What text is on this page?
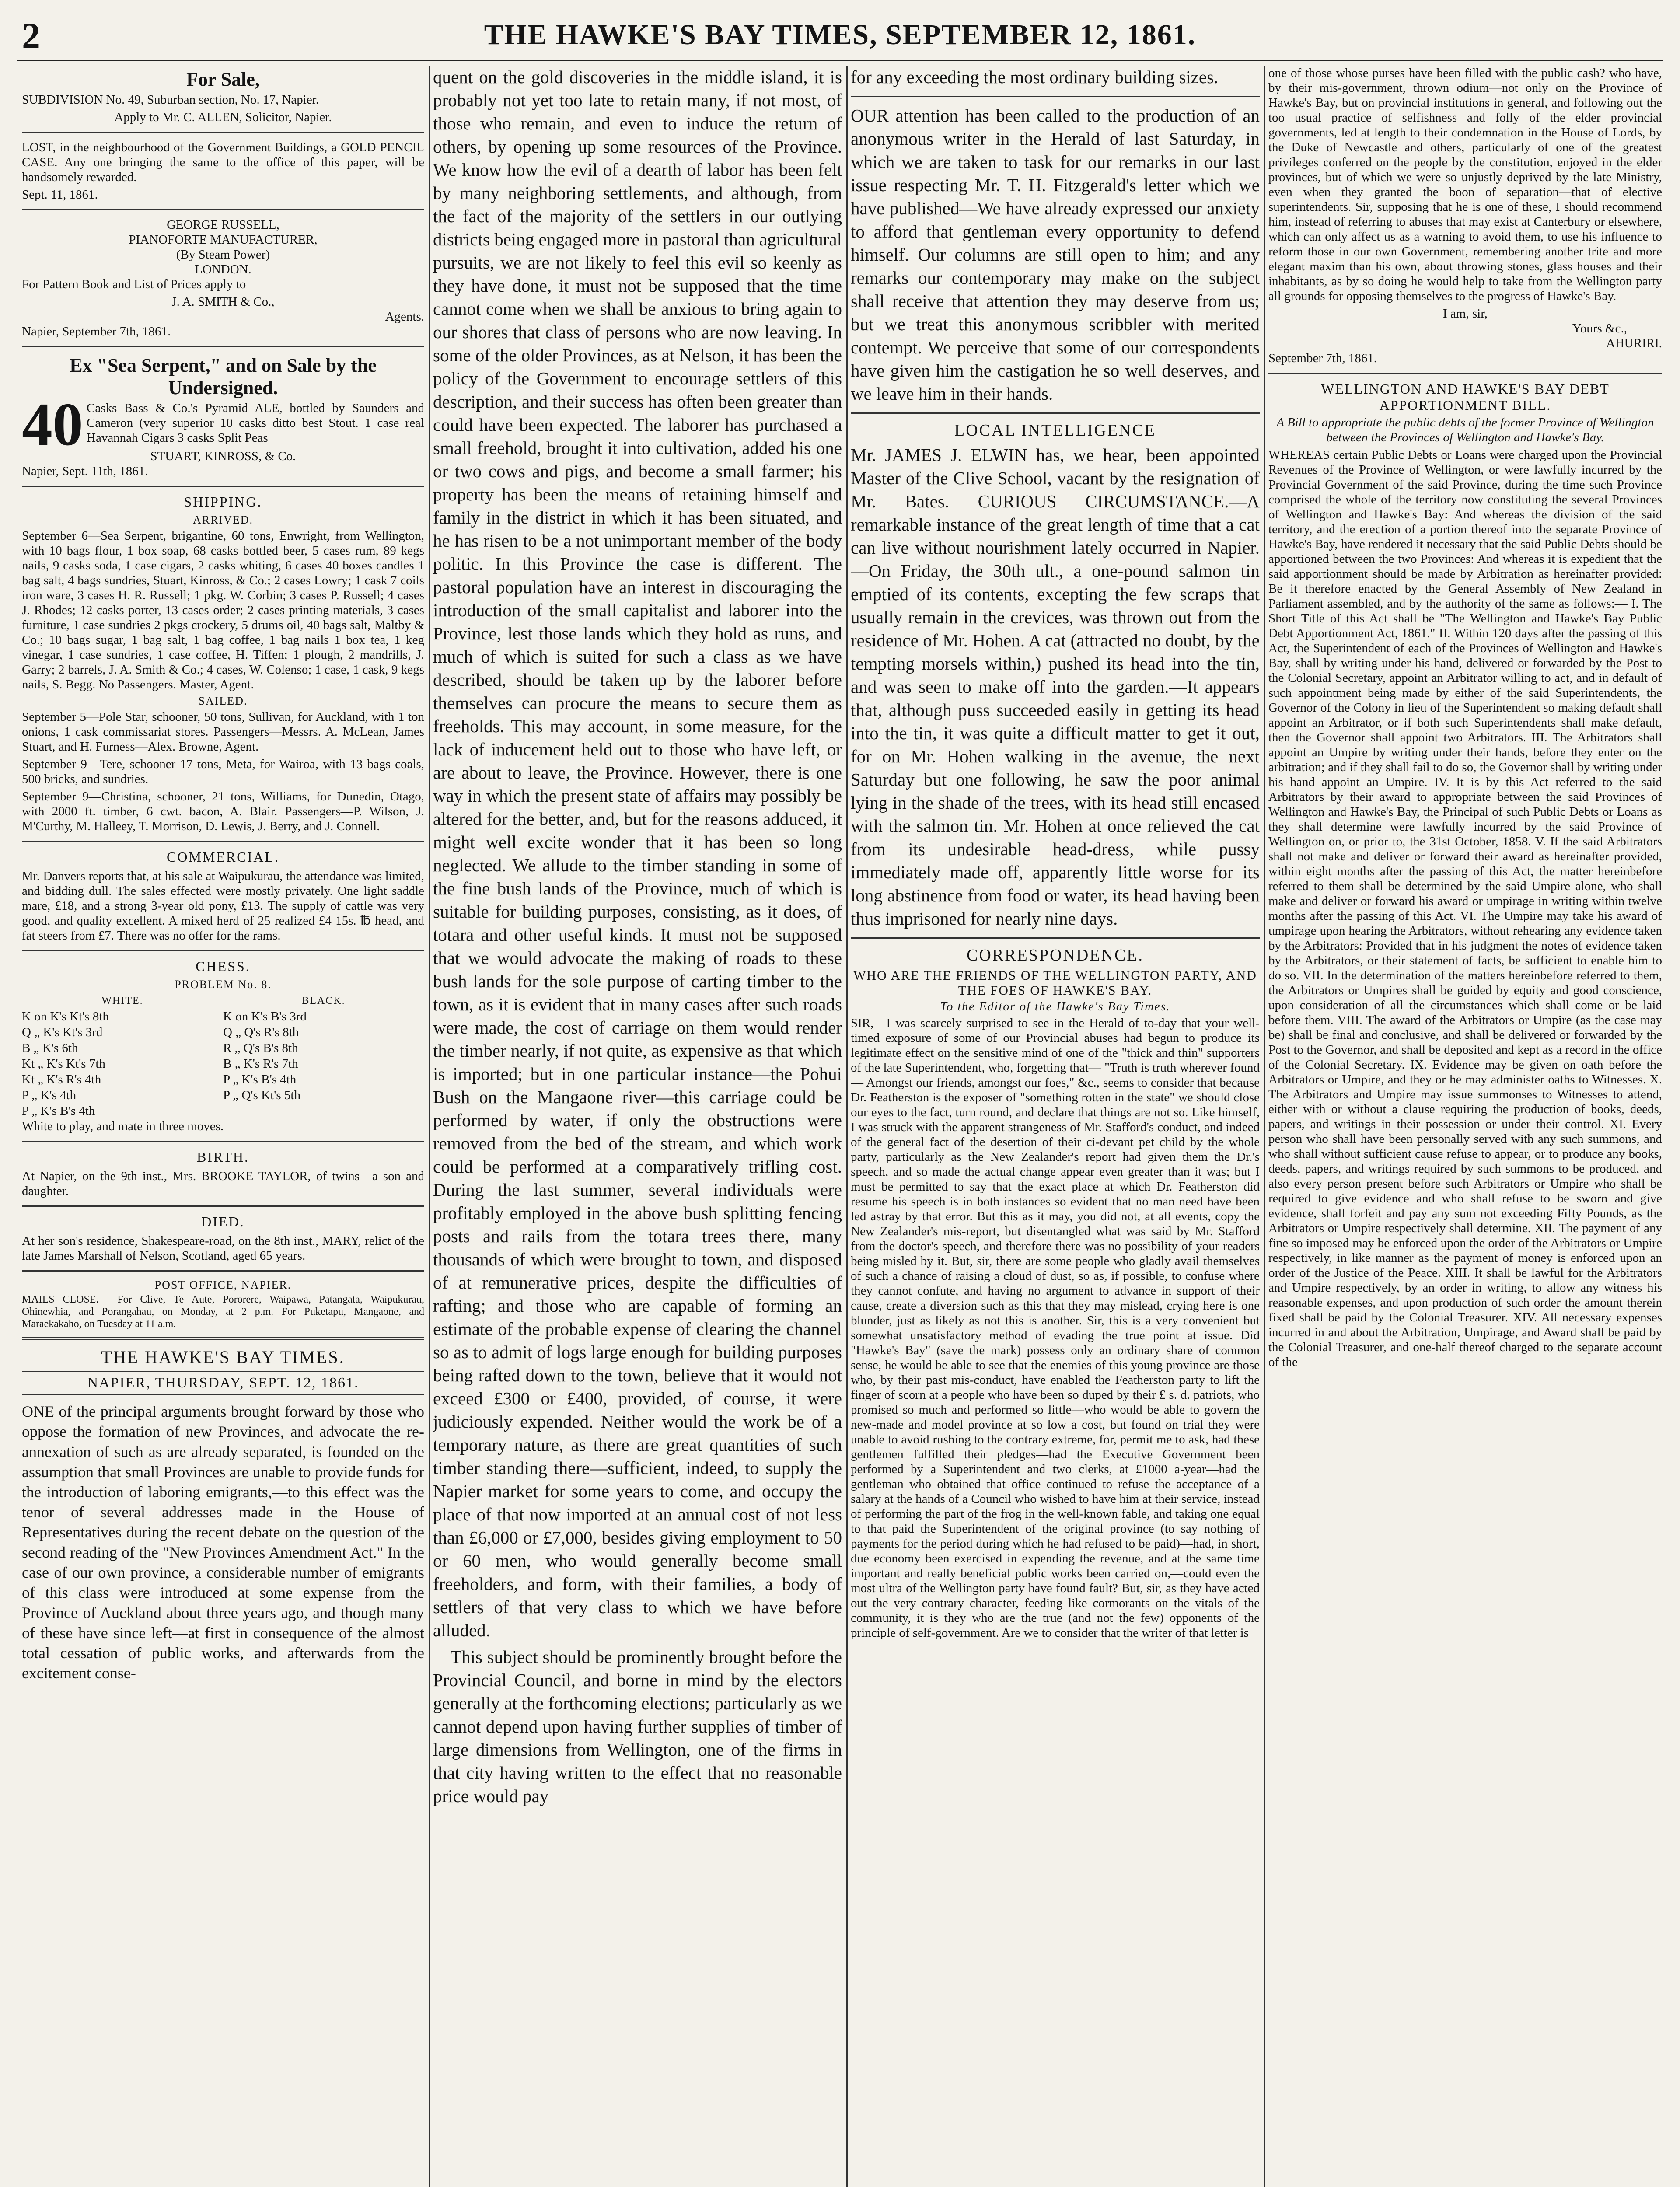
2	THE HAWKE'S BAY TIMES, SEPTEMBER 12, 1861.
For Sale,

SUBDIVISION No. 49, Suburban section, No. 17, Napier.

Apply to Mr. C. ALLEN, Solicitor, Napier.

LOST, in the neighbourhood of the Government Buildings, a GOLD PENCIL CASE. Any one bringing the same to the office of this paper, will be handsomely rewarded.

Sept. 11, 1861.

GEORGE RUSSELL,

PIANOFORTE MANUFACTURER,

(By Steam Power)

LONDON.

For Pattern Book and List of Prices apply to

J. A. SMITH & Co.,

Agents.

Napier, September 7th, 1861.

Ex "Sea Serpent," and on Sale by the Undersigned.
40 Casks Bass & Co.'s Pyramid ALE, bottled by Saunders and Cameron (very superior 10 casks ditto best Stout. 1 case real Havannah Cigars 3 casks Split Peas

STUART, KINROSS, & Co.

Napier, Sept. 11th, 1861.

SHIPPING.
ARRIVED.

September 6—Sea Serpent, brigantine, 60 tons, Enwright, from Wellington, with 10 bags flour, 1 box soap, 68 casks bottled beer, 5 cases rum, 89 kegs nails, 9 casks soda, 1 case cigars, 2 casks whiting, 6 cases 40 boxes candles 1 bag salt, 4 bags sundries, Stuart, Kinross, & Co.; 2 cases Lowry; 1 cask 7 coils iron ware, 3 cases H. R. Russell; 1 pkg. W. Corbin; 3 cases P. Russell; 4 cases J. Rhodes; 12 casks porter, 13 cases order; 2 cases printing materials, 3 cases furniture, 1 case sundries 2 pkgs crockery, 5 drums oil, 40 bags salt, Maltby & Co.; 10 bags sugar, 1 bag salt, 1 bag coffee, 1 bag nails 1 box tea, 1 keg vinegar, 1 case sundries, 1 case coffee, H. Tiffen; 1 plough, 2 mandrills, J. Garry; 2 barrels, J. A. Smith & Co.; 4 cases, W. Colenso; 1 case, 1 cask, 9 kegs nails, S. Begg. No Passengers. Master, Agent.

SAILED.

September 5—Pole Star, schooner, 50 tons, Sullivan, for Auckland, with 1 ton onions, 1 cask commissariat stores. Passengers—Messrs. A. McLean, James Stuart, and H. Furness—Alex. Browne, Agent.

September 9—Tere, schooner 17 tons, Meta, for Wairoa, with 13 bags coals, 500 bricks, and sundries.

September 9—Christina, schooner, 21 tons, Williams, for Dunedin, Otago, with 2000 ft. timber, 6 cwt. bacon, A. Blair. Passengers—P. Wilson, J. M'Curthy, M. Halleey, T. Morrison, D. Lewis, J. Berry, and J. Connell.

COMMERCIAL.

Mr. Danvers reports that, at his sale at Waipukurau, the attendance was limited, and bidding dull. The sales effected were mostly privately. One light saddle mare, £18, and a strong 3-year old pony, £13. The supply of cattle was very good, and quality excellent. A mixed herd of 25 realized £4 15s. ℔ head, and fat steers from £7. There was no offer for the rams.

CHESS.
PROBLEM No. 8.
WHITE.	BLACK.
K on K's Kt's 8th	K on K's B's 3rd
Q „ K's Kt's 3rd	Q „ Q's R's 8th
B „ K's 6th	R „ Q's B's 8th
Kt „ K's Kt's 7th	B „ K's R's 7th
Kt „ K's R's 4th	P „ K's B's 4th
P „ K's 4th	P „ Q's Kt's 5th
P „ K's B's 4th

White to play, and mate in three moves.

BIRTH.

At Napier, on the 9th inst., Mrs. BROOKE TAYLOR, of twins—a son and daughter.

DIED.

At her son's residence, Shakespeare-road, on the 8th inst., MARY, relict of the late James Marshall of Nelson, Scotland, aged 65 years.

POST OFFICE, NAPIER.

MAILS CLOSE.— For Clive, Te Aute, Pororere, Waipawa, Patangata, Waipukurau, Ohinewhia, and Porangahau, on Monday, at 2 p.m. For Puketapu, Mangaone, and Maraekakaho, on Tuesday at 11 a.m.

THE HAWKE'S BAY TIMES.
NAPIER, THURSDAY, SEPT. 12, 1861.

ONE of the principal arguments brought forward by those who oppose the formation of new Provinces, and advocate the re-annexation of such as are already separated, is founded on the assumption that small Provinces are unable to provide funds for the introduction of laboring emigrants,—to this effect was the tenor of several addresses made in the House of Representatives during the recent debate on the question of the second reading of the "New Provinces Amendment Act." In the case of our own province, a considerable number of emigrants of this class were introduced at some expense from the Province of Auckland about three years ago, and though many of these have since left—at first in consequence of the almost total cessation of public works, and afterwards from the excitement conse-

quent on the gold discoveries in the middle island, it is probably not yet too late to retain many, if not most, of those who remain, and even to induce the return of others, by opening up some resources of the Province. We know how the evil of a dearth of labor has been felt by many neighboring settlements, and although, from the fact of the majority of the settlers in our outlying districts being engaged more in pastoral than agricultural pursuits, we are not likely to feel this evil so keenly as they have done, it must not be supposed that the time cannot come when we shall be anxious to bring again to our shores that class of persons who are now leaving. In some of the older Provinces, as at Nelson, it has been the policy of the Government to encourage settlers of this description, and their success has often been greater than could have been expected. The laborer has purchased a small freehold, brought it into cultivation, added his one or two cows and pigs, and become a small farmer; his property has been the means of retaining himself and family in the district in which it has been situated, and he has risen to be a not unimportant member of the body politic. In this Province the case is different. The pastoral population have an interest in discouraging the introduction of the small capitalist and laborer into the Province, lest those lands which they hold as runs, and much of which is suited for such a class as we have described, should be taken up by the laborer before themselves can procure the means to secure them as freeholds. This may account, in some measure, for the lack of inducement held out to those who have left, or are about to leave, the Province. However, there is one way in which the present state of affairs may possibly be altered for the better, and, but for the reasons adduced, it might well excite wonder that it has been so long neglected. We allude to the timber standing in some of the fine bush lands of the Province, much of which is suitable for building purposes, consisting, as it does, of totara and other useful kinds. It must not be supposed that we would advocate the making of roads to these bush lands for the sole purpose of carting timber to the town, as it is evident that in many cases after such roads were made, the cost of carriage on them would render the timber nearly, if not quite, as expensive as that which is imported; but in one particular instance—the Pohui Bush on the Mangaone river—this carriage could be performed by water, if only the obstructions were removed from the bed of the stream, and which work could be performed at a comparatively trifling cost. During the last summer, several individuals were profitably employed in the above bush splitting fencing posts and rails from the totara trees there, many thousands of which were brought to town, and disposed of at remunerative prices, despite the difficulties of rafting; and those who are capable of forming an estimate of the probable expense of clearing the channel so as to admit of logs large enough for building purposes being rafted down to the town, believe that it would not exceed £300 or £400, provided, of course, it were judiciously expended. Neither would the work be of a temporary nature, as there are great quantities of such timber standing there—sufficient, indeed, to supply the Napier market for some years to come, and occupy the place of that now imported at an annual cost of not less than £6,000 or £7,000, besides giving employment to 50 or 60 men, who would generally become small freeholders, and form, with their families, a body of settlers of that very class to which we have before alluded.

This subject should be prominently brought before the Provincial Council, and borne in mind by the electors generally at the forthcoming elections; particularly as we cannot depend upon having further supplies of timber of large dimensions from Wellington, one of the firms in that city having written to the effect that no reasonable price would pay

for any exceeding the most ordinary building sizes.

OUR attention has been called to the production of an anonymous writer in the Herald of last Saturday, in which we are taken to task for our remarks in our last issue respecting Mr. T. H. Fitzgerald's letter which we have published—We have already expressed our anxiety to afford that gentleman every opportunity to defend himself. Our columns are still open to him; and any remarks our contemporary may make on the subject shall receive that attention they may deserve from us; but we treat this anonymous scribbler with merited contempt. We perceive that some of our correspondents have given him the castigation he so well deserves, and we leave him in their hands.

LOCAL INTELLIGENCE

Mr. JAMES J. ELWIN has, we hear, been appointed Master of the Clive School, vacant by the resignation of Mr. Bates. CURIOUS CIRCUMSTANCE.—A remarkable instance of the great length of time that a cat can live without nourishment lately occurred in Napier.—On Friday, the 30th ult., a one-pound salmon tin emptied of its contents, excepting the few scraps that usually remain in the crevices, was thrown out from the residence of Mr. Hohen. A cat (attracted no doubt, by the tempting morsels within,) pushed its head into the tin, and was seen to make off into the garden.—It appears that, although puss succeeded easily in getting its head into the tin, it was quite a difficult matter to get it out, for on Mr. Hohen walking in the avenue, the next Saturday but one following, he saw the poor animal lying in the shade of the trees, with its head still encased with the salmon tin. Mr. Hohen at once relieved the cat from its undesirable head-dress, while pussy immediately made off, apparently little worse for its long abstinence from food or water, its head having been thus imprisoned for nearly nine days.

CORRESPONDENCE.
WHO ARE THE FRIENDS OF THE WELLINGTON PARTY, AND THE FOES OF HAWKE'S BAY.
To the Editor of the Hawke's Bay Times.

SIR,—I was scarcely surprised to see in the Herald of to-day that your well-timed exposure of some of our Provincial abuses had begun to produce its legitimate effect on the sensitive mind of one of the "thick and thin" supporters of the late Superintendent, who, forgetting that— "Truth is truth wherever found— Amongst our friends, amongst our foes," &c., seems to consider that because Dr. Featherston is the exposer of "something rotten in the state" we should close our eyes to the fact, turn round, and declare that things are not so. Like himself, I was struck with the apparent strangeness of Mr. Stafford's conduct, and indeed of the general fact of the desertion of their ci-devant pet child by the whole party, particularly as the New Zealander's report had given them the Dr.'s speech, and so made the actual change appear even greater than it was; but I must be permitted to say that the exact place at which Dr. Featherston did resume his speech is in both instances so evident that no man need have been led astray by that error. But this as it may, you did not, at all events, copy the New Zealander's mis-report, but disentangled what was said by Mr. Stafford from the doctor's speech, and therefore there was no possibility of your readers being misled by it. But, sir, there are some people who gladly avail themselves of such a chance of raising a cloud of dust, so as, if possible, to confuse where they cannot confute, and having no argument to advance in support of their cause, create a diversion such as this that they may mislead, crying here is one blunder, just as likely as not this is another. Sir, this is a very convenient but somewhat unsatisfactory method of evading the true point at issue. Did "Hawke's Bay" (save the mark) possess only an ordinary share of common sense, he would be able to see that the enemies of this young province are those who, by their past mis-conduct, have enabled the Featherston party to lift the finger of scorn at a people who have been so duped by their £ s. d. patriots, who promised so much and performed so little—who would be able to govern the new-made and model province at so low a cost, but found on trial they were unable to avoid rushing to the contrary extreme, for, permit me to ask, had these gentlemen fulfilled their pledges—had the Executive Government been performed by a Superintendent and two clerks, at £1000 a-year—had the gentleman who obtained that office continued to refuse the acceptance of a salary at the hands of a Council who wished to have him at their service, instead of performing the part of the frog in the well-known fable, and taking one equal to that paid the Superintendent of the original province (to say nothing of payments for the period during which he had refused to be paid)—had, in short, due economy been exercised in expending the revenue, and at the same time important and really beneficial public works been carried on,—could even the most ultra of the Wellington party have found fault? But, sir, as they have acted out the very contrary character, feeding like cormorants on the vitals of the community, it is they who are the true (and not the few) opponents of the principle of self-government. Are we to consider that the writer of that letter is

one of those whose purses have been filled with the public cash? who have, by their mis-government, thrown odium—not only on the Province of Hawke's Bay, but on provincial institutions in general, and following out the too usual practice of selfishness and folly of the elder provincial governments, led at length to their condemnation in the House of Lords, by the Duke of Newcastle and others, particularly of one of the greatest privileges conferred on the people by the constitution, enjoyed in the elder provinces, but of which we were so unjustly deprived by the late Ministry, even when they granted the boon of separation—that of elective superintendents. Sir, supposing that he is one of these, I should recommend him, instead of referring to abuses that may exist at Canterbury or elsewhere, which can only affect us as a warning to avoid them, to use his influence to reform those in our own Government, remembering another trite and more elegant maxim than his own, about throwing stones, glass houses and their inhabitants, as by so doing he would help to take from the Wellington party all grounds for opposing themselves to the progress of Hawke's Bay.

I am, sir,

Yours &c.,

AHURIRI.

September 7th, 1861.

WELLINGTON AND HAWKE'S BAY DEBT APPORTIONMENT BILL.

A Bill to appropriate the public debts of the former Province of Wellington between the Provinces of Wellington and Hawke's Bay.

WHEREAS certain Public Debts or Loans were charged upon the Provincial Revenues of the Province of Wellington, or were lawfully incurred by the Provincial Government of the said Province, during the time such Province comprised the whole of the territory now constituting the several Provinces of Wellington and Hawke's Bay: And whereas the division of the said territory, and the erection of a portion thereof into the separate Province of Hawke's Bay, have rendered it necessary that the said Public Debts should be apportioned between the two Provinces: And whereas it is expedient that the said apportionment should be made by Arbitration as hereinafter provided: Be it therefore enacted by the General Assembly of New Zealand in Parliament assembled, and by the authority of the same as follows:— I. The Short Title of this Act shall be "The Wellington and Hawke's Bay Public Debt Apportionment Act, 1861." II. Within 120 days after the passing of this Act, the Superintendent of each of the Provinces of Wellington and Hawke's Bay, shall by writing under his hand, delivered or forwarded by the Post to the Colonial Secretary, appoint an Arbitrator willing to act, and in default of such appointment being made by either of the said Superintendents, the Governor of the Colony in lieu of the Superintendent so making default shall appoint an Arbitrator, or if both such Superintendents shall make default, then the Governor shall appoint two Arbitrators. III. The Arbitrators shall appoint an Umpire by writing under their hands, before they enter on the arbitration; and if they shall fail to do so, the Governor shall by writing under his hand appoint an Umpire. IV. It is by this Act referred to the said Arbitrators by their award to appropriate between the said Provinces of Wellington and Hawke's Bay, the Principal of such Public Debts or Loans as they shall determine were lawfully incurred by the said Province of Wellington on, or prior to, the 31st October, 1858. V. If the said Arbitrators shall not make and deliver or forward their award as hereinafter provided, within eight months after the passing of this Act, the matter hereinbefore referred to them shall be determined by the said Umpire alone, who shall make and deliver or forward his award or umpirage in writing within twelve months after the passing of this Act. VI. The Umpire may take his award of umpirage upon hearing the Arbitrators, without rehearing any evidence taken by the Arbitrators: Provided that in his judgment the notes of evidence taken by the Arbitrators, or their statement of facts, be sufficient to enable him to do so. VII. In the determination of the matters hereinbefore referred to them, the Arbitrators or Umpires shall be guided by equity and good conscience, upon consideration of all the circumstances which shall come or be laid before them. VIII. The award of the Arbitrators or Umpire (as the case may be) shall be final and conclusive, and shall be delivered or forwarded by the Post to the Governor, and shall be deposited and kept as a record in the office of the Colonial Secretary. IX. Evidence may be given on oath before the Arbitrators or Umpire, and they or he may administer oaths to Witnesses. X. The Arbitrators and Umpire may issue summonses to Witnesses to attend, either with or without a clause requiring the production of books, deeds, papers, and writings in their possession or under their control. XI. Every person who shall have been personally served with any such summons, and who shall without sufficient cause refuse to appear, or to produce any books, deeds, papers, and writings required by such summons to be produced, and also every person present before such Arbitrators or Umpire who shall be required to give evidence and who shall refuse to be sworn and give evidence, shall forfeit and pay any sum not exceeding Fifty Pounds, as the Arbitrators or Umpire respectively shall determine. XII. The payment of any fine so imposed may be enforced upon the order of the Arbitrators or Umpire respectively, in like manner as the payment of money is enforced upon an order of the Justice of the Peace. XIII. It shall be lawful for the Arbitrators and Umpire respectively, by an order in writing, to allow any witness his reasonable expenses, and upon production of such order the amount therein fixed shall be paid by the Colonial Treasurer. XIV. All necessary expenses incurred in and about the Arbitration, Umpirage, and Award shall be paid by the Colonial Treasurer, and one-half thereof charged to the separate account of the
